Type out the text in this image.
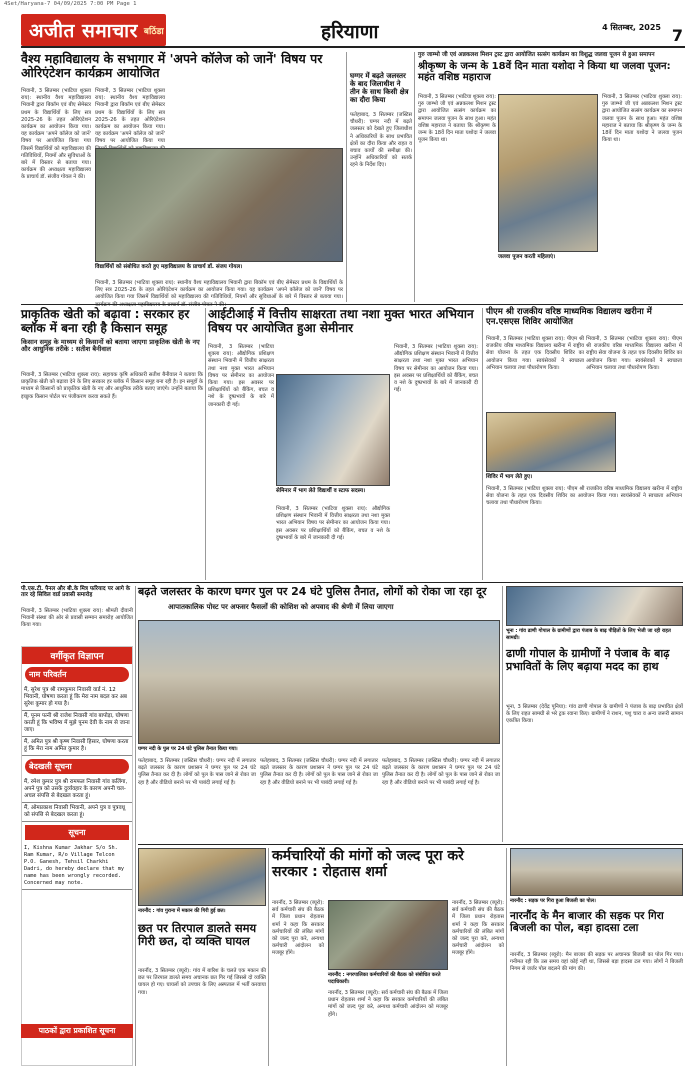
4Set/Haryana-7 04/09/2025 7:00 PM Page 1
अजीत समाचार बठिंडा	हरियाणा	4 सितम्बर, 2025 7
वैश्य महाविद्यालय के सभागार में 'अपने कॉलेज को जानें' विषय पर ओरिएंटेशन कार्यक्रम आयोजित
भिवानी, 3 सितम्बर (भाटिया शुक्ला राय): स्थानीय वैश्य महाविद्यालय भिवानी द्वारा बिकॉम एवं बीए सेमेस्टर प्रथम के विद्यार्थियों के लिए सत्र 2025-26 के तहत ओरिएंटेशन कार्यक्रम का आयोजन किया गया। यह कार्यक्रम 'अपने कॉलेज को जानें' विषय पर आयोजित किया गया जिसमें विद्यार्थियों को महाविद्यालय की गतिविधियों, नियमों और सुविधाओं के बारे में विस्तार से बताया गया। कार्यक्रम की अध्यक्षता महाविद्यालय के प्राचार्य डॉ. संजीव गोयल ने की।
भिवानी, 3 सितम्बर (भाटिया शुक्ला राय): स्थानीय वैश्य महाविद्यालय भिवानी द्वारा बिकॉम एवं बीए सेमेस्टर प्रथम के विद्यार्थियों के लिए सत्र 2025-26 के तहत ओरिएंटेशन कार्यक्रम का आयोजन किया गया। यह कार्यक्रम 'अपने कॉलेज को जानें' विषय पर आयोजित किया गया
विद्यार्थियों को संबोधित करते हुए महाविद्यालय के प्राचार्य डॉ. संजय गोयल।
भिवानी, 3 सितम्बर (भाटिया शुक्ला राय): स्थानीय वैश्य महाविद्यालय भिवानी द्वारा बिकॉम एवं बीए सेमेस्टर प्रथम के विद्यार्थियों के लिए सत्र 2025-26 के तहत ओरिएंटेशन कार्यक्रम का आयोजन किया गया। यह कार्यक्रम 'अपने कॉलेज को जानें' विषय पर आयोजित किया गया जिसमें विद्यार्थियों को महाविद्यालय की गतिविधियों, नियमों और सुविधाओं के बारे में विस्तार से बताया गया।
घग्गर में बढ़ते जलस्तर के बाद जिलाधीश ने तीन के साथ किसी क्षेत्र का दौरा किया
फतेहाबाद, 3 सितम्बर (जस्टिस चौधरी): घग्गर नदी में बढ़ते जलस्तर को देखते हुए जिलाधीश ने अधिकारियों के साथ प्रभावित क्षेत्रों का दौरा किया और राहत व बचाव कार्यों की समीक्षा की। उन्होंने अधिकारियों को सतर्क रहने के निर्देश दिए।
गुरु जाम्भो जी एवं अन्नकलश मिशन ट्रस्ट द्वारा आयोजित सत्संग कार्यक्रम का विशुद्ध जलवा पूजन से हुआ समापन
श्रीकृष्ण के जन्म के 18वें दिन माता यशोदा ने किया था जलवा पूजन: महंत वशिष्ठ महाराज
भिवानी, 3 सितम्बर (भाटिया शुक्ला राय): गुरु जाम्भो जी एवं अन्नकलश मिशन ट्रस्ट द्वारा आयोजित सत्संग कार्यक्रम का समापन जलवा पूजन के साथ हुआ। महंत वशिष्ठ महाराज ने बताया कि श्रीकृष्ण के जन्म के 18वें दिन माता यशोदा ने जलवा पूजन किया था।
जलवा पूजन करती महिलाएं।
भिवानी, 3 सितम्बर (भाटिया शुक्ला राय): गुरु जाम्भो जी एवं अन्नकलश मिशन ट्रस्ट द्वारा आयोजित सत्संग कार्यक्रम का समापन जलवा पूजन के साथ हुआ। महंत वशिष्ठ महाराज ने बताया कि श्रीकृष्ण के जन्म के 18वें दिन माता यशोदा ने जलवा पूजन किया था।
प्राकृतिक खेती को बढ़ावा : सरकार हर ब्लॉक में बना रही है किसान समूह
किसान समूह के माध्यम से किसानों को बताया जाएगा प्राकृतिक खेती के नए और आधुनिक तरीके : सतीश बैनीवाल
भिवानी, 3 सितम्बर (भाटिया शुक्ला राय): सहायक कृषि अधिकारी सतीश बैनीवाल ने बताया कि प्राकृतिक खेती को बढ़ावा देने के लिए सरकार हर ब्लॉक में किसान समूह बना रही है। इन समूहों के माध्यम से किसानों को प्राकृतिक खेती के नए और आधुनिक तरीके बताए जाएंगे। उन्होंने बताया कि इच्छुक किसान पोर्टल पर पंजीकरण करवा सकते हैं।
आईटीआई में वित्तीय साक्षरता तथा नशा मुक्त भारत अभियान विषय पर आयोजित हुआ सेमीनार
भिवानी, 3 सितम्बर (भाटिया शुक्ला राय): औद्योगिक प्रशिक्षण संस्थान भिवानी में वित्तीय साक्षरता तथा नशा मुक्त भारत अभियान विषय पर सेमीनार का आयोजन किया गया। इस अवसर पर प्रशिक्षार्थियों को बैंकिंग, बचत व नशे के दुष्प्रभावों के बारे में जानकारी दी गई।
सेमिनार में भाग लेते विद्यार्थी व स्टाफ सदस्य।
भिवानी, 3 सितम्बर (भाटिया शुक्ला राय): औद्योगिक प्रशिक्षण संस्थान भिवानी में वित्तीय साक्षरता तथा नशा मुक्त भारत अभियान विषय पर सेमीनार का आयोजन किया गया। इस अवसर पर प्रशिक्षार्थियों को बैंकिंग, बचत व नशे के दुष्प्रभावों के बारे में जानकारी दी गई।
भिवानी, 3 सितम्बर (भाटिया शुक्ला राय): औद्योगिक प्रशिक्षण संस्थान भिवानी में वित्तीय साक्षरता तथा नशा मुक्त भारत अभियान विषय पर सेमीनार का आयोजन किया गया। इस अवसर पर प्रशिक्षार्थियों को बैंकिंग, बचत व नशे के दुष्प्रभावों के बारे में जानकारी दी गई।
पीएम श्री राजकीय वरिष्ठ माध्यमिक विद्यालय खरीना में एन.एसएस शिविर आयोजित
भिवानी, 3 सितम्बर (भाटिया शुक्ला राय): पीएम श्री राजकीय वरिष्ठ माध्यमिक विद्यालय खरीना में राष्ट्रीय सेवा योजना के तहत एक दिवसीय शिविर का आयोजन किया गया। स्वयंसेवकों ने स्वच्छता अभियान चलाया तथा पौधारोपण किया।
शिविर में भाग लेते हुए।
भिवानी, 3 सितम्बर (भाटिया शुक्ला राय): पीएम श्री राजकीय वरिष्ठ माध्यमिक विद्यालय खरीना में राष्ट्रीय सेवा योजना के तहत एक दिवसीय शिविर का आयोजन किया गया। स्वयंसेवकों ने स्वच्छता अभियान चलाया तथा पौधारोपण किया।
भिवानी, 3 सितम्बर (भाटिया शुक्ला राय): पीएम श्री राजकीय वरिष्ठ माध्यमिक विद्यालय खरीना में राष्ट्रीय सेवा योजना के तहत एक दिवसीय शिविर का आयोजन किया गया। स्वयंसेवकों ने स्वच्छता अभियान चलाया तथा पौधारोपण किया।
पी.एस.टी. पैनल और बी.के मित्र फरियाद पर आगे के तार रहे सिविल वार्ड प्रवासी समारोह
भिवानी, 3 सितम्बर (भाटिया शुक्ला राय): श्रीमती दीवानी भिवानी संस्था की ओर से प्रवासी सम्मान समारोह आयोजित किया गया।
वर्गीकृत विज्ञापन
नाम परिवर्तन
मैं, सुरेश पुत्र श्री रामकुमार निवासी वार्ड नं. 12 भिवानी, घोषणा करता हूं कि मेरा नाम बदल कर अब सुरेश कुमार हो गया है।
मैं, पूनम पत्नी श्री राजेश निवासी गांव बापोड़ा, घोषणा करती हूं कि भविष्य में मुझे पूनम देवी के नाम से जाना जाए।
मैं, अमित पुत्र श्री कृष्ण निवासी हिसार, घोषणा करता हूं कि मेरा नाम अमित कुमार है।
बेदखली सूचना
मैं, रमेश कुमार पुत्र श्री रामफल निवासी गांव कलिंगा, अपने पुत्र को उसके दुर्व्यवहार के कारण अपनी चल-अचल संपत्ति से बेदखल करता हूं।
मैं, ओमप्रकाश निवासी भिवानी, अपने पुत्र व पुत्रवधू को संपत्ति से बेदखल करता हूं।
सूचना
I, Kishna Kumar Jakhar S/o Sh. Ram Kumar, R/o Village Telcon P.O. Ganesh, Tehsil Charkhi Dadri, do hereby declare that my name has been wrongly recorded. Concerned may note.
पाठकों द्वारा प्रकाशित सूचना
बढ़ते जलस्तर के कारण घग्गर पुल पर 24 घंटे पुलिस तैनात, लोगों को रोका जा रहा दूर
आपातकालिक पोस्ट पर अफसर फैसलों की कोशिश को अपवाद की श्रेणी में लिया जाएगा
घग्गर नदी के पुल पर 24 घंटे पुलिस तैनात किया गया।
फतेहाबाद, 3 सितम्बर (जस्टिस चौधरी): घग्गर नदी में लगातार बढ़ते जलस्तर के कारण प्रशासन ने घग्गर पुल पर 24 घंटे पुलिस तैनात कर दी है। लोगों को पुल के पास जाने से रोका जा रहा है और वीडियो बनाने पर भी पाबंदी लगाई गई है।
फतेहाबाद, 3 सितम्बर (जस्टिस चौधरी): घग्गर नदी में लगातार बढ़ते जलस्तर के कारण प्रशासन ने घग्गर पुल पर 24 घंटे पुलिस तैनात कर दी है। लोगों को पुल के पास जाने से रोका जा रहा है और वीडियो बनाने पर भी पाबंदी लगाई गई है।
फतेहाबाद, 3 सितम्बर (जस्टिस चौधरी): घग्गर नदी में लगातार बढ़ते जलस्तर के कारण प्रशासन ने घग्गर पुल पर 24 घंटे पुलिस तैनात कर दी है। लोगों को पुल के पास जाने से रोका जा रहा है और वीडियो बनाने पर भी पाबंदी लगाई गई है।
भूना : गांव ढाणी गोपाल के ग्रामीणों द्वारा पंजाब के बाढ़ पीड़ितों के लिए भेजी जा रही राहत सामग्री।
ढाणी गोपाल के ग्रामीणों ने पंजाब के बाढ़ प्रभावितों के लिए बढ़ाया मदद का हाथ
भूना, 3 सितम्बर (देवेंद्र पूनिया): गांव ढाणी गोपाल के ग्रामीणों ने पंजाब के बाढ़ प्रभावित क्षेत्रों के लिए राहत सामग्री से भरे ट्रक रवाना किए। ग्रामीणों ने राशन, पशु चारा व अन्य जरूरी सामान एकत्रित किया।
नारनौंद : गांव गुराना में मकान की गिरी हुई छत।
छत पर तिरपाल डालते समय गिरी छत, दो व्यक्ति घायल
नारनौंद, 3 सितम्बर (ब्यूरो): गांव में बारिश के चलते एक मकान की छत पर तिरपाल डालते समय अचानक छत गिर गई जिससे दो व्यक्ति घायल हो गए। घायलों को उपचार के लिए अस्पताल में भर्ती करवाया गया।
कर्मचारियों की मांगों को जल्द पूरा करे सरकार : रोहतास शर्मा
नारनौंद, 3 सितम्बर (ब्यूरो): सर्व कर्मचारी संघ की बैठक में जिला प्रधान रोहतास शर्मा ने कहा कि सरकार कर्मचारियों की लंबित मांगों को जल्द पूरा करे, अन्यथा कर्मचारी आंदोलन को मजबूर होंगे।
नारनौंद : नगरपालिका कर्मचारियों की बैठक को संबोधित करते पदाधिकारी।
नारनौंद, 3 सितम्बर (ब्यूरो): सर्व कर्मचारी संघ की बैठक में जिला प्रधान रोहतास शर्मा ने कहा कि सरकार कर्मचारियों की लंबित मांगों को जल्द पूरा करे, अन्यथा कर्मचारी आंदोलन को मजबूर होंगे।
नारनौंद, 3 सितम्बर (ब्यूरो): सर्व कर्मचारी संघ की बैठक में जिला प्रधान रोहतास शर्मा ने कहा कि सरकार कर्मचारियों की लंबित मांगों को जल्द पूरा करे, अन्यथा कर्मचारी आंदोलन को मजबूर होंगे।
नारनौंद : सड़क पर गिरा हुआ बिजली का पोल।
नारनौंद के मैन बाजार की सड़क पर गिरा बिजली का पोल, बड़ा हादसा टला
नारनौंद, 3 सितम्बर (ब्यूरो): मैन बाजार की सड़क पर अचानक बिजली का पोल गिर गया। गनीमत रही कि उस समय वहां कोई नहीं था, जिससे बड़ा हादसा टल गया। लोगों ने बिजली निगम से जर्जर पोल बदलने की मांग की।
